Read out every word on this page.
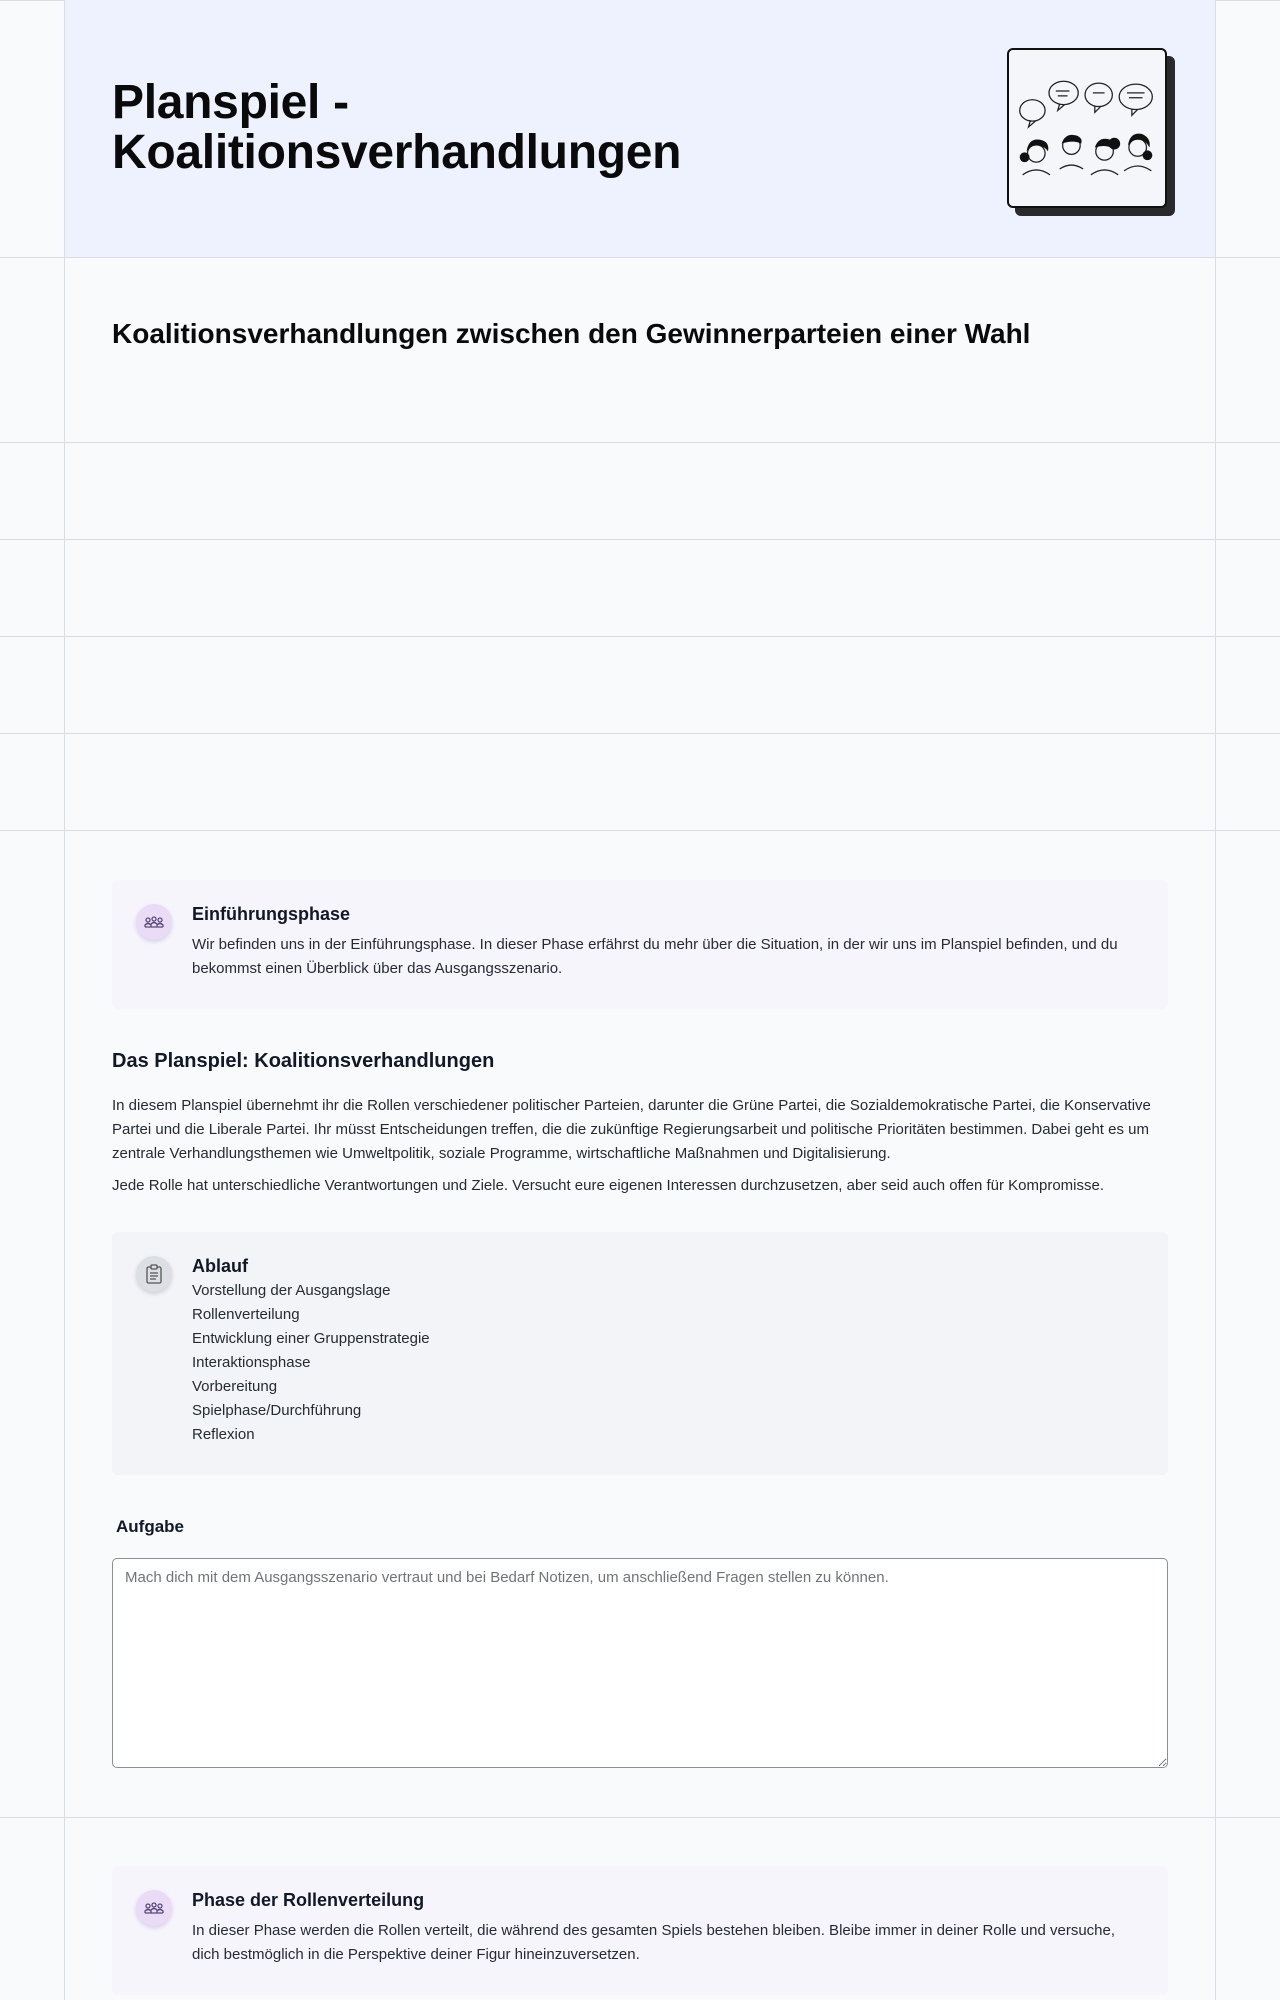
Planspiel - Koalitionsverhandlungen
Koalitionsverhandlungen zwischen den Gewinnerparteien einer Wahl
Einführungsphase
Wir befinden uns in der Einführungsphase. In dieser Phase erfährst du mehr über die Situation, in der wir uns im Planspiel befinden, und du bekommst einen Überblick über das Ausgangsszenario.
Das Planspiel: Koalitionsverhandlungen

In diesem Planspiel übernehmt ihr die Rollen verschiedener politischer Parteien, darunter die Grüne Partei, die Sozialdemokratische Partei, die Konservative Partei und die Liberale Partei. Ihr müsst Entscheidungen treffen, die die zukünftige Regierungsarbeit und politische Prioritäten bestimmen. Dabei geht es um zentrale Verhandlungsthemen wie Umweltpolitik, soziale Programme, wirtschaftliche Maßnahmen und Digitalisierung.

Jede Rolle hat unterschiedliche Verantwortungen und Ziele. Versucht eure eigenen Interessen durchzusetzen, aber seid auch offen für Kompromisse.

Ablauf
Vorstellung der Ausgangslage
Rollenverteilung
Entwicklung einer Gruppenstrategie
Interaktionsphase
Vorbereitung
Spielphase/Durchführung
Reflexion
Aufgabe
Mach dich mit dem Ausgangsszenario vertraut und bei Bedarf Notizen, um anschließend Fragen stellen zu können.
Phase der Rollenverteilung
In dieser Phase werden die Rollen verteilt, die während des gesamten Spiels bestehen bleiben. Bleibe immer in deiner Rolle und versuche, dich bestmöglich in die Perspektive deiner Figur hineinzuversetzen.
